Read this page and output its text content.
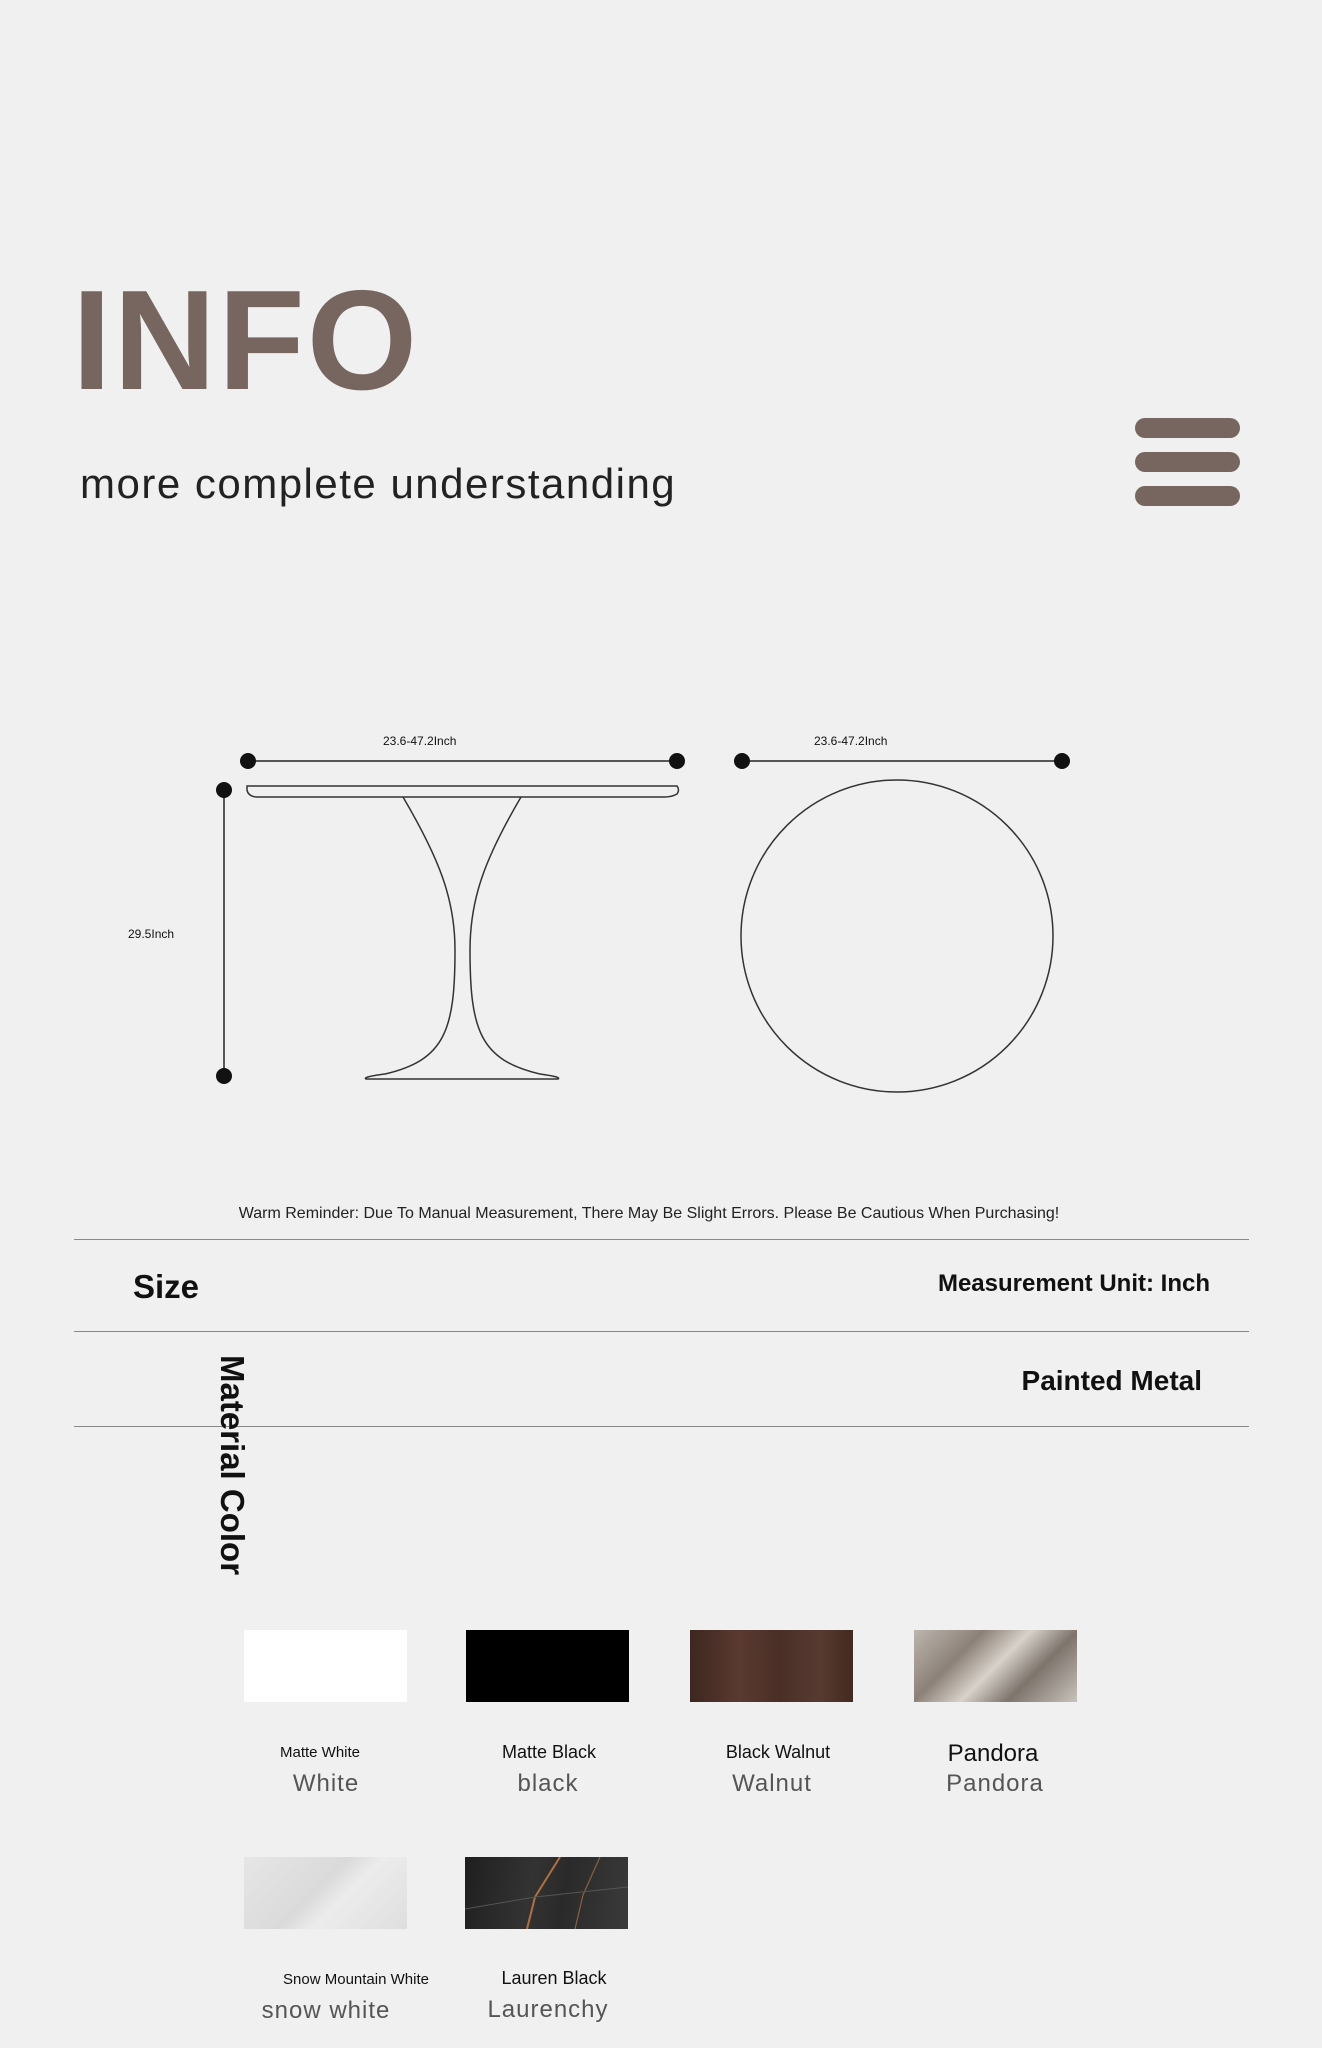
INFO
more complete understanding
23.6-47.2Inch	23.6-47.2Inch
29.5Inch
Warm Reminder: Due To Manual Measurement, There May Be Slight Errors. Please Be Cautious When Purchasing!
Size	Measurement Unit: Inch
Painted Metal
Material Color
Matte White
White
Matte Black
black
Black Walnut
Walnut
Pandora
Pandora
Snow Mountain White
snow white
Lauren Black
Laurenchy
